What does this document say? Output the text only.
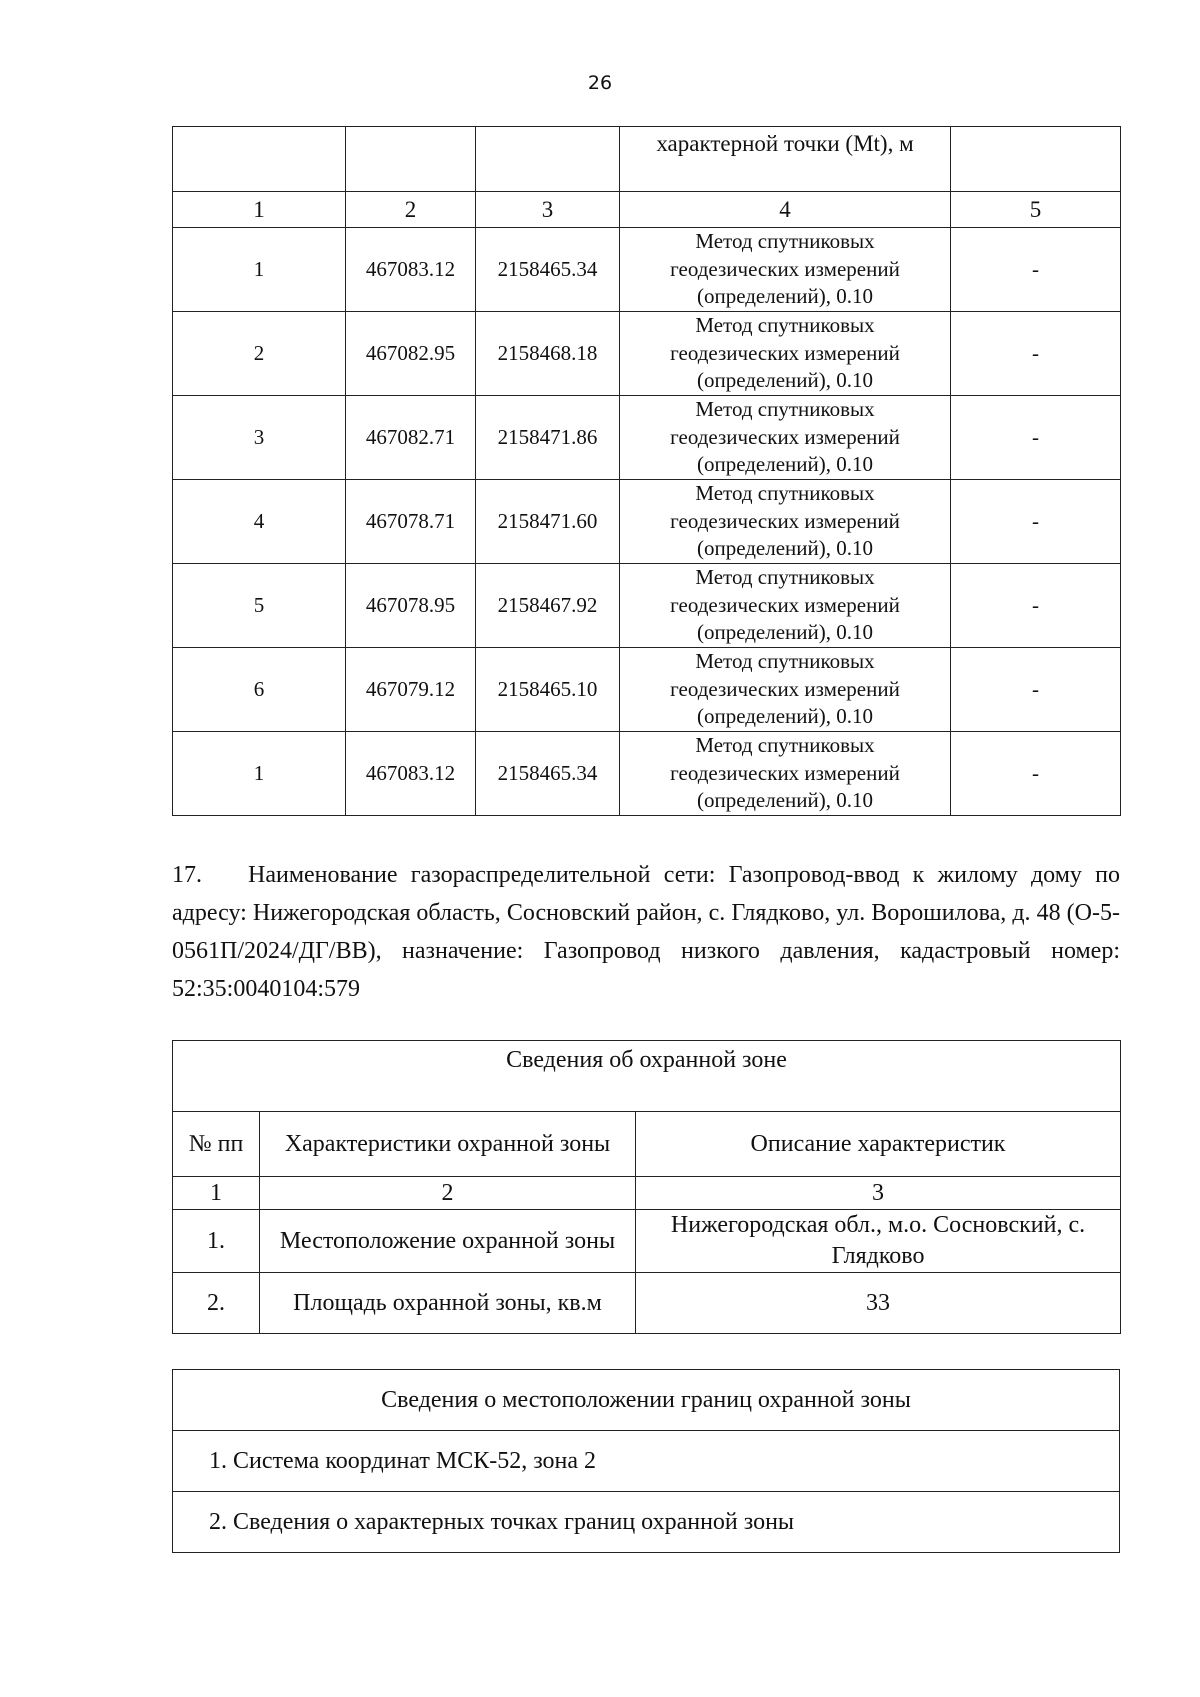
26
			характерной точки (Mt), м	
1	2	3	4	5
1	467083.12	2158465.34	Метод спутниковых
геодезических измерений
(определений), 0.10	-
2	467082.95	2158468.18	Метод спутниковых
геодезических измерений
(определений), 0.10	-
3	467082.71	2158471.86	Метод спутниковых
геодезических измерений
(определений), 0.10	-
4	467078.71	2158471.60	Метод спутниковых
геодезических измерений
(определений), 0.10	-
5	467078.95	2158467.92	Метод спутниковых
геодезических измерений
(определений), 0.10	-
6	467079.12	2158465.10	Метод спутниковых
геодезических измерений
(определений), 0.10	-
1	467083.12	2158465.34	Метод спутниковых
геодезических измерений
(определений), 0.10	-

17. Наименование газораспределительной сети: Газопровод-ввод к жилому дому по адресу: Нижегородская область, Сосновский район, с. Глядково, ул. Ворошилова, д. 48 (О-5-0561П/2024/ДГ/ВВ), назначение: Газопровод низкого давления, кадастровый номер: 52:35:0040104:579

Сведения об охранной зоне		
№ пп	Характеристики охранной зоны	Описание характеристик
1	2	3
1.	Местоположение охранной зоны	Нижегородская обл., м.о. Сосновский, с. Глядково
2.	Площадь охранной зоны, кв.м	33
Сведения о местоположении границ охранной зоны
1. Система координат МСК-52, зона 2
2. Сведения о характерных точках границ охранной зоны
